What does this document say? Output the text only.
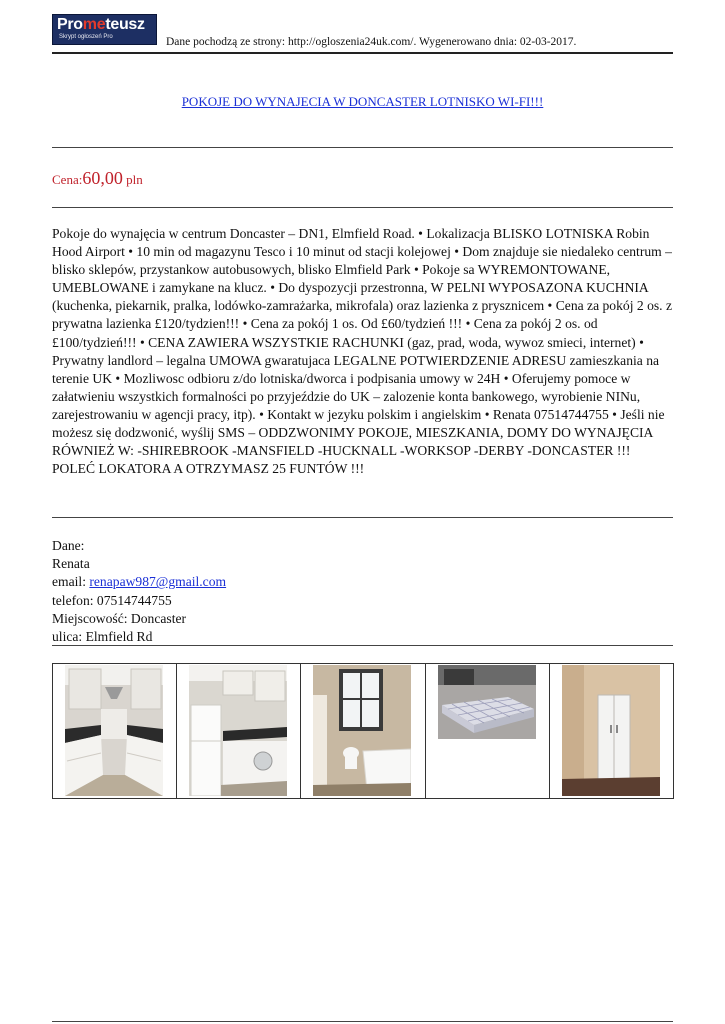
Prometeusz
Skrypt ogłoszeń Pro	Dane pochodzą ze strony: http://ogloszenia24uk.com/. Wygenerowano dnia: 02-03-2017.
POKOJE DO WYNAJECIA W DONCASTER LOTNISKO WI-FI!!!
Cena:60,00 pln
Pokoje do wynajęcia w centrum Doncaster – DN1, Elmfield Road. • Lokalizacja BLISKO LOTNISKA Robin Hood Airport • 10 min od magazynu Tesco i 10 minut od stacji kolejowej • Dom znajduje sie niedaleko centrum – blisko sklepów, przystankow autobusowych, blisko Elmfield Park • Pokoje sa WYREMONTOWANE, UMEBLOWANE i zamykane na klucz. • Do dyspozycji przestronna, W PELNI WYPOSAZONA KUCHNIA (kuchenka, piekarnik, pralka, lodówko-zamrażarka, mikrofala) oraz lazienka z prysznicem • Cena za pokój 2 os. z prywatna lazienka £120/tydzien!!! • Cena za pokój 1 os. Od £60/tydzień !!! • Cena za pokój 2 os. od £100/tydzień!!! • CENA ZAWIERA WSZYSTKIE RACHUNKI (gaz, prad, woda, wywoz smieci, internet) • Prywatny landlord – legalna UMOWA gwaratujaca LEGALNE POTWIERDZENIE ADRESU zamieszkania na terenie UK • Mozliwosc odbioru z/do lotniska/dworca i podpisania umowy w 24H • Oferujemy pomoce w załatwieniu wszystkich formalności po przyjeździe do UK – zalozenie konta bankowego, wyrobienie NINu, zarejestrowaniu w agencji pracy, itp). • Kontakt w jezyku polskim i angielskim • Renata 07514744755 • Jeśli nie możesz się dodzwonić, wyślij SMS – ODDZWONIMY POKOJE, MIESZKANIA, DOMY DO WYNAJĘCIA RÓWNIEŻ W: -SHIREBROOK -MANSFIELD -HUCKNALL -WORKSOP -DERBY -DONCASTER !!! POLEĆ LOKATORA A OTRZYMASZ 25 FUNTÓW !!!
Dane:
Renata
email: renapaw987@gmail.com
telefon: 07514744755
Miejscowość: Doncaster
ulica: Elmfield Rd
